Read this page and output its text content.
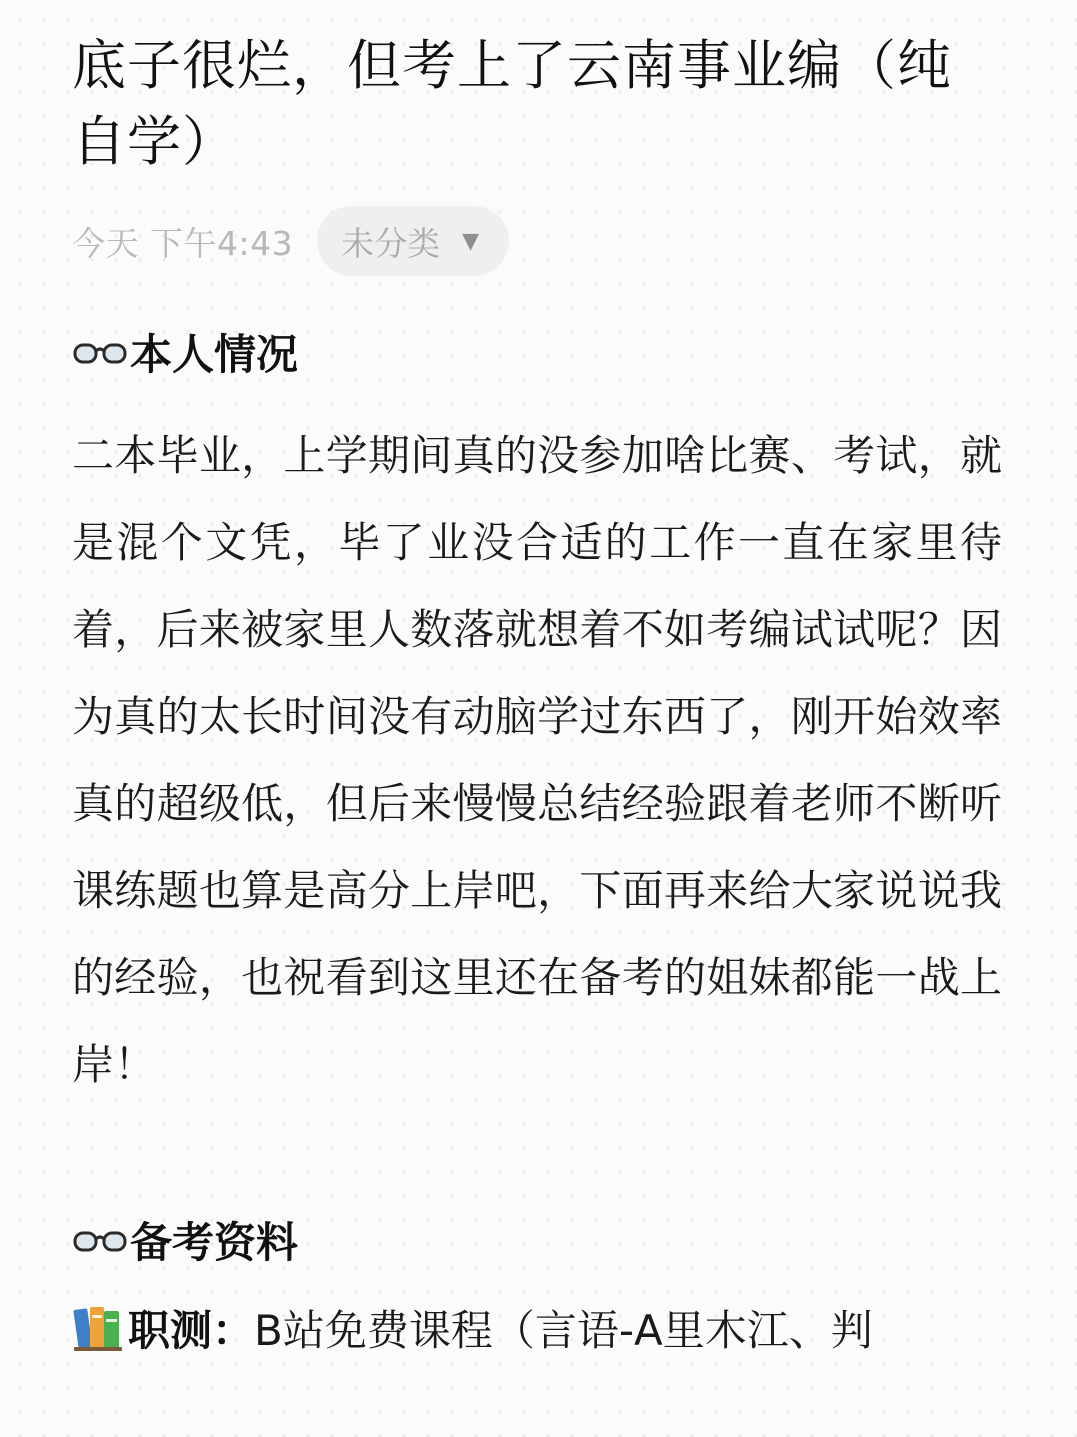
底子很烂，但考上了云南事业编（纯自学）
今天 下午4:43 未分类 ▼
本人情况
二本毕业，上学期间真的没参加啥比赛、考试，就是混个文凭，毕了业没合适的工作一直在家里待着，后来被家里人数落就想着不如考编试试呢？因为真的太长时间没有动脑学过东西了，刚开始效率真的超级低，但后来慢慢总结经验跟着老师不断听课练题也算是高分上岸吧，下面再来给大家说说我的经验，也祝看到这里还在备考的姐妹都能一战上岸！
备考资料
职测： B站免费课程（言语-A里木江、判
